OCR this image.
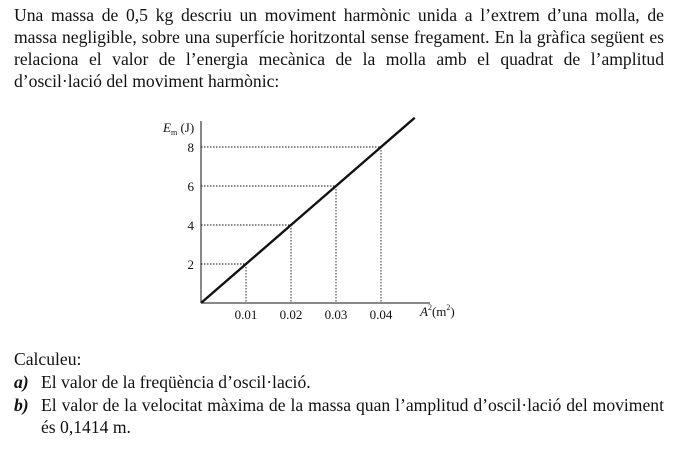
Una massa de 0,5 kg descriu un moviment harmònic unida a l’extrem d’una molla, de massa negligible, sobre una superfície horitzontal sense fregament. En la gràfica següent es relaciona el valor de l’energia mecànica de la molla amb el quadrat de l’amplitud d’oscil·lació del moviment harmònic:

2
4
6
8
0.01 0.02 0.03 0.04
$E_m$ (J)
$A^2(m^2)$

Calculeu:

a) El valor de la freqüència d’oscil·lació.
b) El valor de la velocitat màxima de la massa quan l’amplitud d’oscil·lació del moviment és 0,1414 m.
